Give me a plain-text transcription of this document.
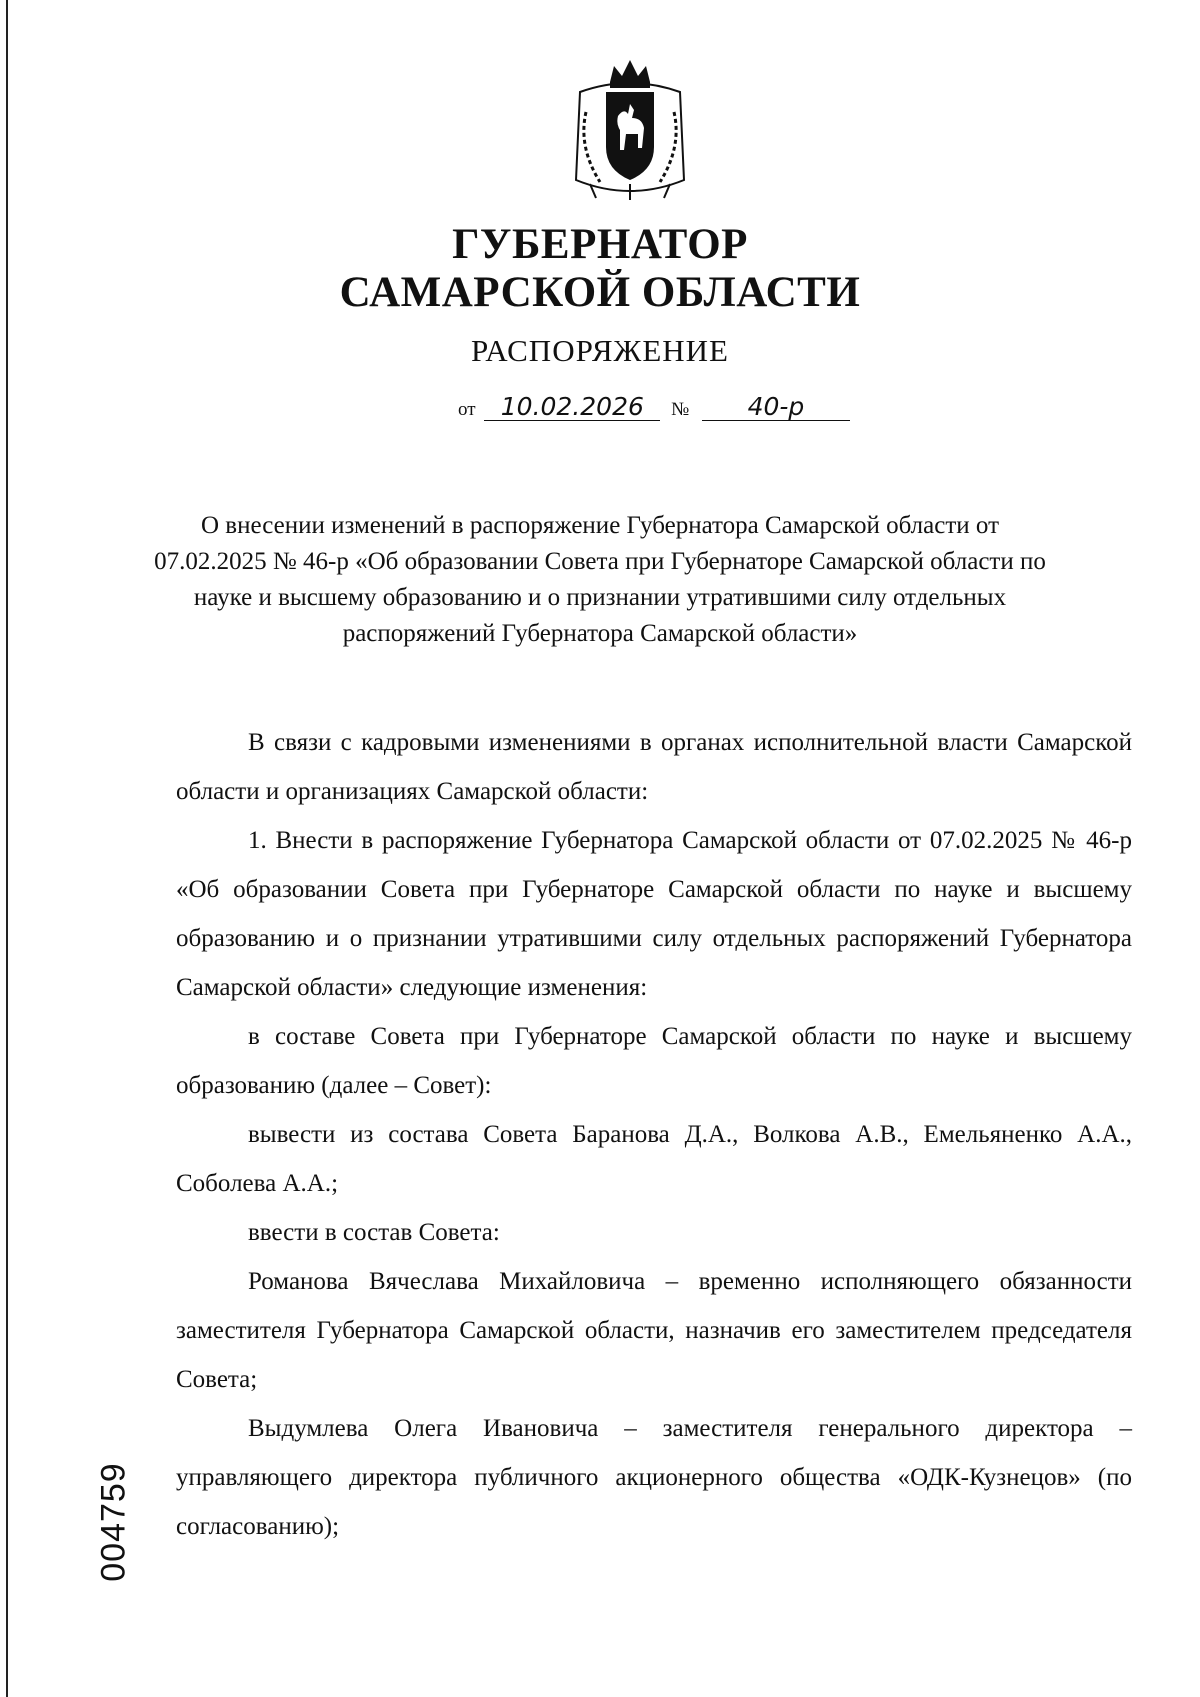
ГУБЕРНАТОР
САМАРСКОЙ ОБЛАСТИ
РАСПОРЯЖЕНИЕ
от 10.02.2026 № 40-р
О внесении изменений в распоряжение Губернатора Самарской области от 07.02.2025 № 46-р «Об образовании Совета при Губернаторе Самарской области по науке и высшему образованию и о признании утратившими силу отдельных распоряжений Губернатора Самарской области»

В связи с кадровыми изменениями в органах исполнительной власти Самарской области и организациях Самарской области:

1. Внести в распоряжение Губернатора Самарской области от 07.02.2025 № 46-р «Об образовании Совета при Губернаторе Самарской области по науке и высшему образованию и о признании утратившими силу отдельных распоряжений Губернатора Самарской области» следующие изменения:

в составе Совета при Губернаторе Самарской области по науке и высшему образованию (далее – Совет):

вывести из состава Совета Баранова Д.А., Волкова А.В., Емельяненко А.А., Соболева А.А.;

ввести в состав Совета:

Романова Вячеслава Михайловича – временно исполняющего обязанности заместителя Губернатора Самарской области, назначив его заместителем председателя Совета;

Выдумлева Олега Ивановича – заместителя генерального директора – управляющего директора публичного акционерного общества «ОДК-Кузнецов» (по согласованию);

004759
